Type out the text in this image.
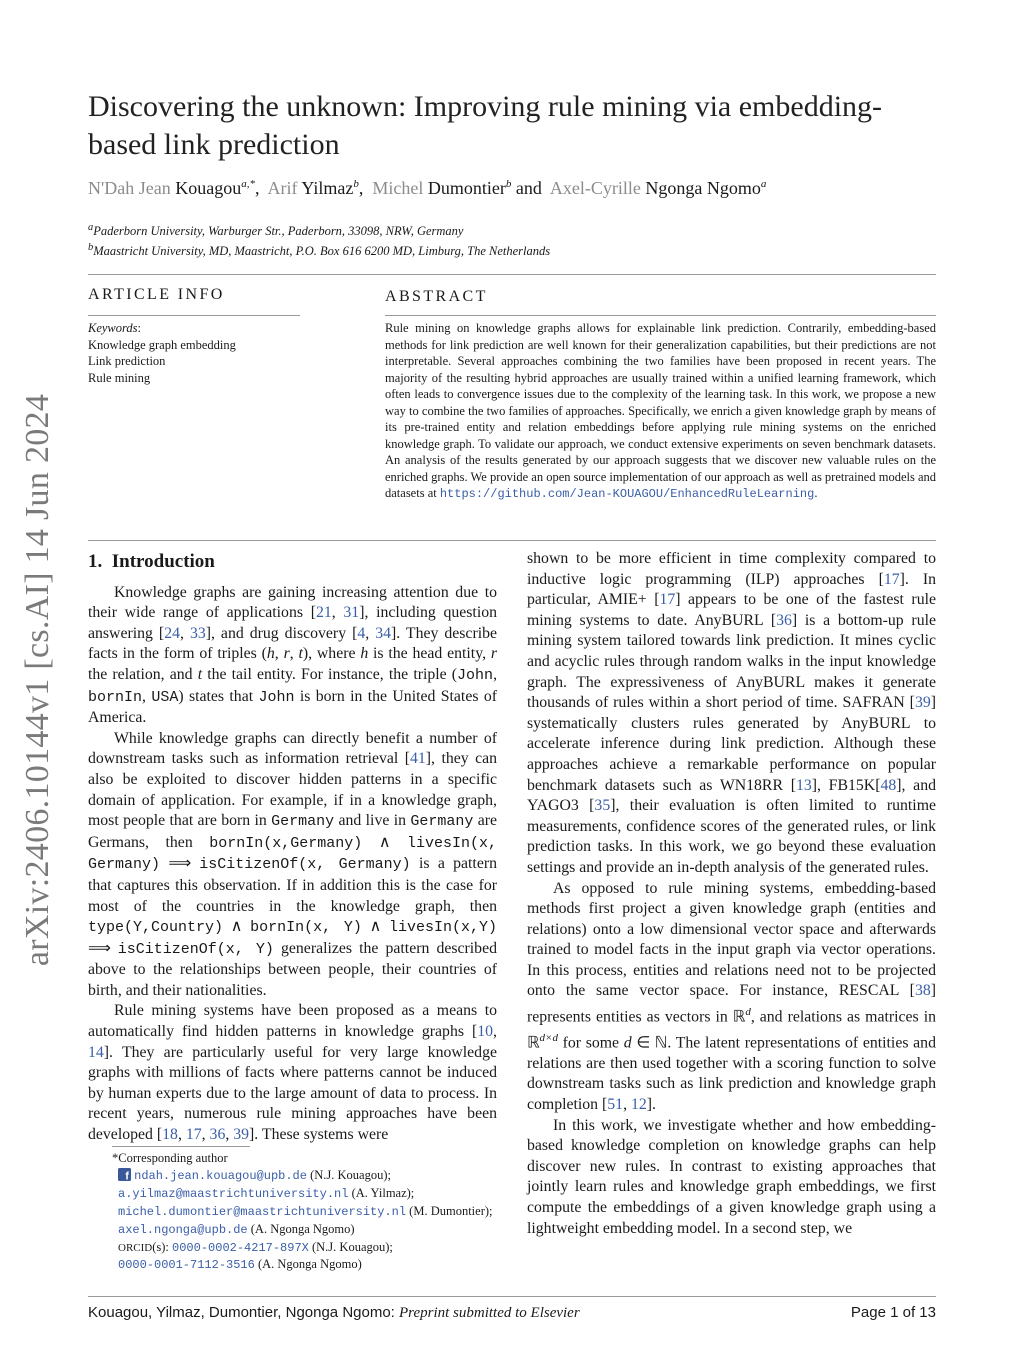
arXiv:2406.10144v1 [cs.AI] 14 Jun 2024
Discovering the unknown: Improving rule mining via embedding-based link prediction
N'Dah Jean Kouagou$^{a,*}$,  Arif Yilmaz$^b$,  Michel Dumontier$^b$ and Axel-Cyrille Ngonga Ngomo$^a$
$^a$Paderborn University, Warburger Str., Paderborn, 33098, NRW, Germany
$^b$Maastricht University, MD, Maastricht, P.O. Box 616 6200 MD, Limburg, The Netherlands
ARTICLE INFO
Keywords:
Knowledge graph embedding
Link prediction
Rule mining
ABSTRACT
Rule mining on knowledge graphs allows for explainable link prediction. Contrarily, embedding-based methods for link prediction are well known for their generalization capabilities, but their predictions are not interpretable. Several approaches combining the two families have been proposed in recent years. The majority of the resulting hybrid approaches are usually trained within a unified learning framework, which often leads to convergence issues due to the complexity of the learning task. In this work, we propose a new way to combine the two families of approaches. Specifically, we enrich a given knowledge graph by means of its pre-trained entity and relation embeddings before applying rule mining systems on the enriched knowledge graph. To validate our approach, we conduct extensive experiments on seven benchmark datasets. An analysis of the results generated by our approach suggests that we discover new valuable rules on the enriched graphs. We provide an open source implementation of our approach as well as pretrained models and datasets at https://github.com/Jean-KOUAGOU/EnhancedRuleLearning.
1. Introduction

Knowledge graphs are gaining increasing attention due to their wide range of applications [21, 31], including question answering [24, 33], and drug discovery [4, 34]. They describe facts in the form of triples (h, r, t), where h is the head entity, r the relation, and t the tail entity. For instance, the triple (John, bornIn, USA) states that John is born in the United States of America.

While knowledge graphs can directly benefit a number of downstream tasks such as information retrieval [41], they can also be exploited to discover hidden patterns in a specific domain of application. For example, if in a knowledge graph, most people that are born in Germany and live in Germany are Germans, then bornIn(x,Germany) ∧ livesIn(x, Germany) ⟹ isCitizenOf(x, Germany) is a pattern that captures this observation. If in addition this is the case for most of the countries in the knowledge graph, then type(Y,Country) ∧ bornIn(x, Y) ∧ livesIn(x,Y) ⟹ isCitizenOf(x, Y) generalizes the pattern described above to the relationships between people, their countries of birth, and their nationalities.

Rule mining systems have been proposed as a means to automatically find hidden patterns in knowledge graphs [10, 14]. They are particularly useful for very large knowledge graphs with millions of facts where patterns cannot be induced by human experts due to the large amount of data to process. In recent years, numerous rule mining approaches have been developed [18, 17, 36, 39]. These systems were

*Corresponding author
f ndah.jean.kouagou@upb.de (N.J. Kouagou);
a.yilmaz@maastrichtuniversity.nl (A. Yilmaz);
michel.dumontier@maastrichtuniversity.nl (M. Dumontier); axel.ngonga@upb.de (A. Ngonga Ngomo)
ORCID(s): 0000-0002-4217-897X (N.J. Kouagou);
0000-0001-7112-3516 (A. Ngonga Ngomo)

shown to be more efficient in time complexity compared to inductive logic programming (ILP) approaches [17]. In particular, AMIE+ [17] appears to be one of the fastest rule mining systems to date. AnyBURL [36] is a bottom-up rule mining system tailored towards link prediction. It mines cyclic and acyclic rules through random walks in the input knowledge graph. The expressiveness of AnyBURL makes it generate thousands of rules within a short period of time. SAFRAN [39] systematically clusters rules generated by AnyBURL to accelerate inference during link prediction. Although these approaches achieve a remarkable performance on popular benchmark datasets such as WN18RR [13], FB15K[48], and YAGO3 [35], their evaluation is often limited to runtime measurements, confidence scores of the generated rules, or link prediction tasks. In this work, we go beyond these evaluation settings and provide an in-depth analysis of the generated rules.

As opposed to rule mining systems, embedding-based methods first project a given knowledge graph (entities and relations) onto a low dimensional vector space and afterwards trained to model facts in the input graph via vector operations. In this process, entities and relations need not to be projected onto the same vector space. For instance, RESCAL [38] represents entities as vectors in ℝ$^d$, and relations as matrices in ℝ$^{d\times d}$ for some d ∈ ℕ. The latent representations of entities and relations are then used together with a scoring function to solve downstream tasks such as link prediction and knowledge graph completion [51, 12].

In this work, we investigate whether and how embedding-based knowledge completion on knowledge graphs can help discover new rules. In contrast to existing approaches that jointly learn rules and knowledge graph embeddings, we first compute the embeddings of a given knowledge graph using a lightweight embedding model. In a second step, we

Kouagou, Yilmaz, Dumontier, Ngonga Ngomo: Preprint submitted to Elsevier	Page 1 of 13
